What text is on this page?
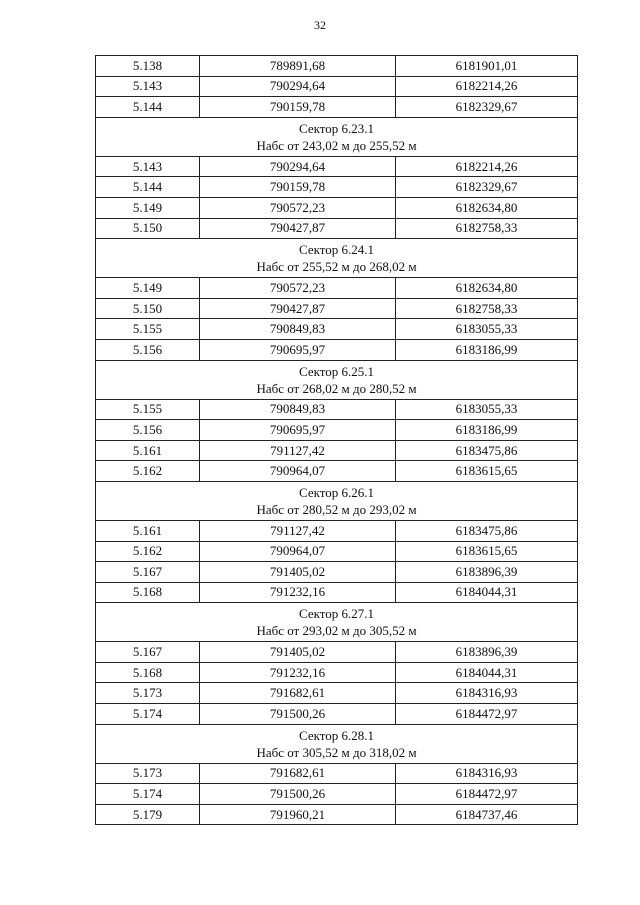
32
5.138	789891,68	6181901,01
5.143	790294,64	6182214,26
5.144	790159,78	6182329,67

Сектор 6.23.1
Набс от 243,02 м до 255,52 м		

5.143	790294,64	6182214,26
5.144	790159,78	6182329,67
5.149	790572,23	6182634,80
5.150	790427,87	6182758,33

Сектор 6.24.1
Набс от 255,52 м до 268,02 м		

5.149	790572,23	6182634,80
5.150	790427,87	6182758,33
5.155	790849,83	6183055,33
5.156	790695,97	6183186,99

Сектор 6.25.1
Набс от 268,02 м до 280,52 м		

5.155	790849,83	6183055,33
5.156	790695,97	6183186,99
5.161	791127,42	6183475,86
5.162	790964,07	6183615,65

Сектор 6.26.1
Набс от 280,52 м до 293,02 м		

5.161	791127,42	6183475,86
5.162	790964,07	6183615,65
5.167	791405,02	6183896,39
5.168	791232,16	6184044,31

Сектор 6.27.1
Набс от 293,02 м до 305,52 м		

5.167	791405,02	6183896,39
5.168	791232,16	6184044,31
5.173	791682,61	6184316,93
5.174	791500,26	6184472,97

Сектор 6.28.1
Набс от 305,52 м до 318,02 м		

5.173	791682,61	6184316,93
5.174	791500,26	6184472,97
5.179	791960,21	6184737,46
